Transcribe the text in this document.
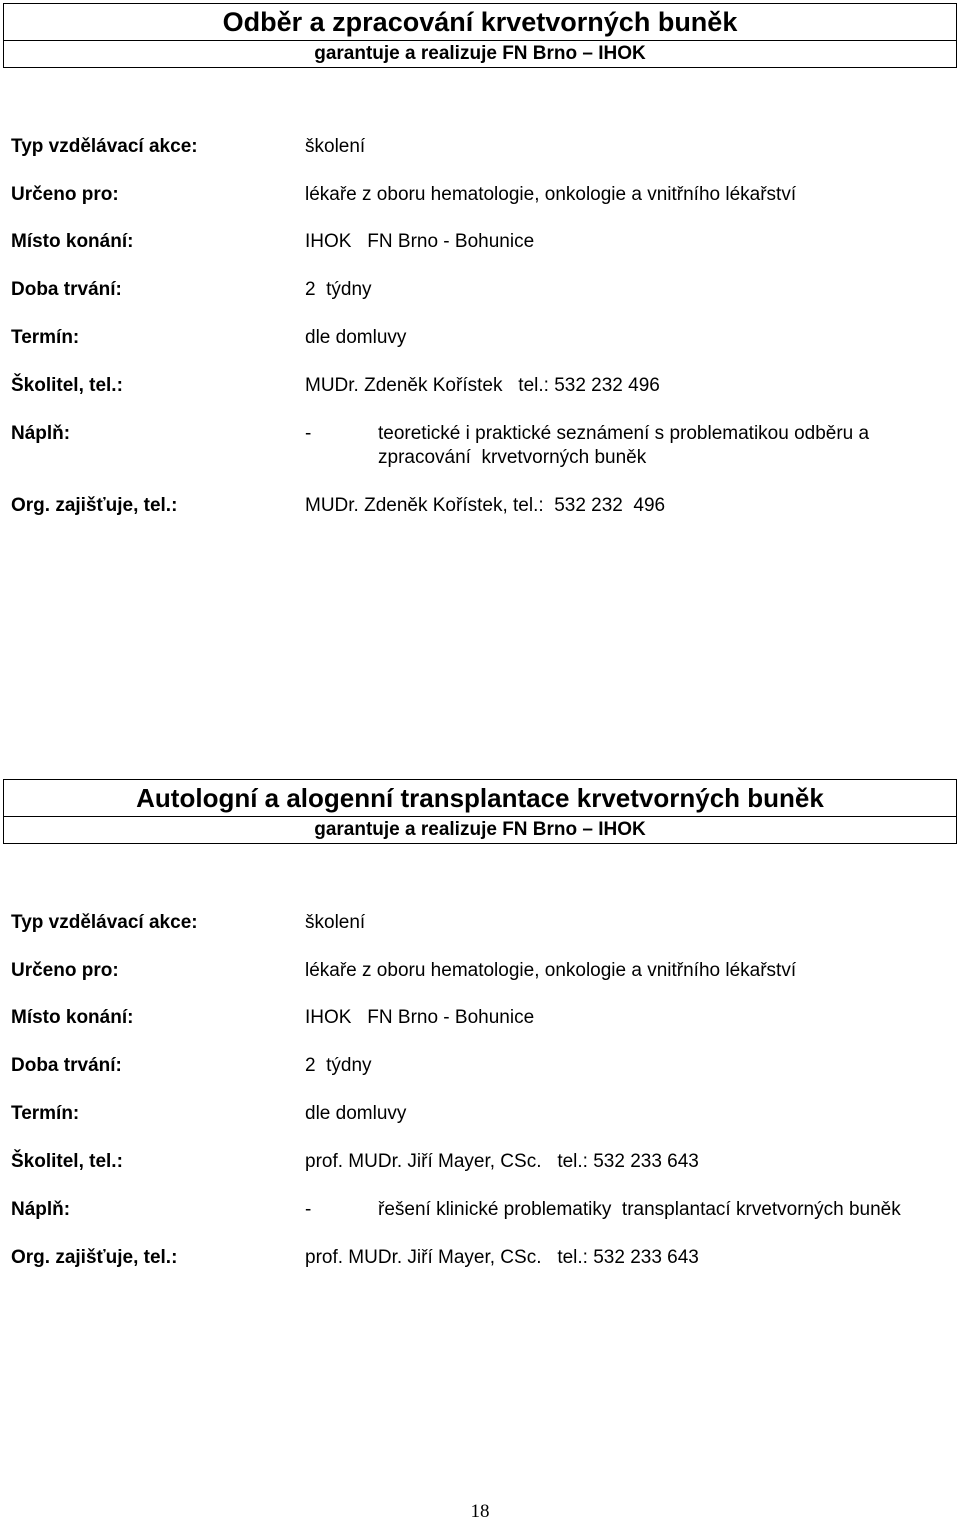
Odběr a zpracování krvetvorných buněk
garantuje a realizuje FN Brno – IHOK
Typ vzdělávací akce:	školení
Určeno pro:	lékaře z oboru hematologie, onkologie a vnitřního lékařství
Místo konání:	IHOK   FN Brno - Bohunice
Doba trvání:	2  týdny
Termín:	dle domluvy
Školitel, tel.:	MUDr. Zdeněk Kořístek   tel.: 532 232 496
Náplň:	-	teoretické i praktické seznámení s problematikou odběru a zpracování  krvetvorných buněk
Org. zajišťuje, tel.:	MUDr. Zdeněk Kořístek, tel.:  532 232  496
Autologní a alogenní transplantace krvetvorných buněk
garantuje a realizuje FN Brno – IHOK
Typ vzdělávací akce:	školení
Určeno pro:	lékaře z oboru hematologie, onkologie a vnitřního lékařství
Místo konání:	IHOK   FN Brno - Bohunice
Doba trvání:	2  týdny
Termín:	dle domluvy
Školitel, tel.:	prof. MUDr. Jiří Mayer, CSc.   tel.: 532 233 643
Náplň:	-	řešení klinické problematiky  transplantací krvetvorných buněk
Org. zajišťuje, tel.:	prof. MUDr. Jiří Mayer, CSc.   tel.: 532 233 643
18
